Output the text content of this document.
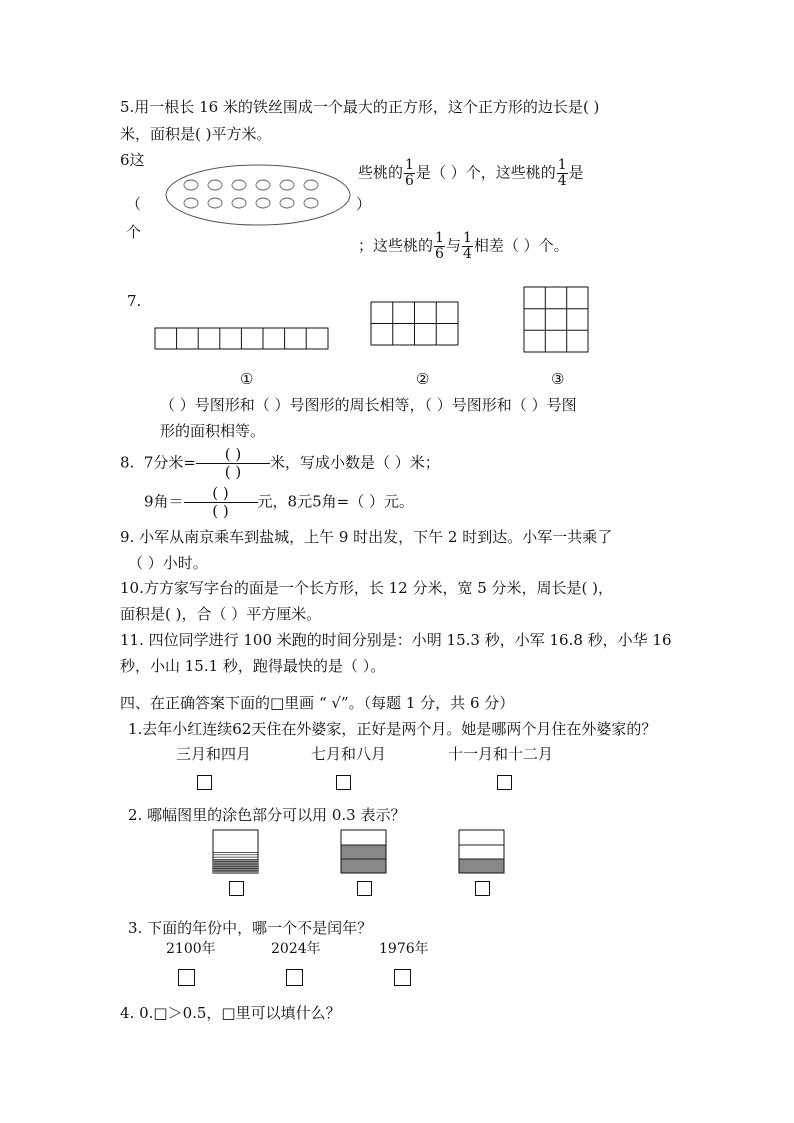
5.用一根长 16 米的铁丝围成一个最大的正方形，这个正方形的边长是( )
米，面积是( )平方米。
6这
（
个
）
些桃的 $\frac{1}{6}$ 是（ ）个，这些桃的 $\frac{1}{4}$ 是
；这些桃的 $\frac{1}{6}$ 与 $\frac{1}{4}$ 相差（ ）个。
7.
①	②	③
（ ）号图形和（ ）号图形的周长相等，（ ）号图形和（ ）号图
形的面积相等。
8. 7分米=	( )
( )
米，写成小数是（ ）米；
9角＝	( )
( )
元，8元5角=（ ）元。
9. 小军从南京乘车到盐城，上午 9 时出发，下午 2 时到达。小军一共乘了
（ ）小时。
10.方方家写字台的面是一个长方形，长 12 分米，宽 5 分米，周长是( )，
面积是( )，合（ ）平方厘米。
11. 四位同学进行 100 米跑的时间分别是：小明 15.3 秒，小军 16.8 秒，小华 16
秒，小山 15.1 秒，跑得最快的是（ ）。
四、在正确答案下面的□里画 “ √”。（每题 1 分，共 6 分）
1.去年小红连续62天住在外婆家，正好是两个月。她是哪两个月住在外婆家的？
三月和四月	七月和八月	十一月和十二月
2. 哪幅图里的涂色部分可以用 0.3 表示？
3. 下面的年份中，哪一个不是闰年？
2100年	2024年	1976年
4. 0.□＞0.5，□里可以填什么？
